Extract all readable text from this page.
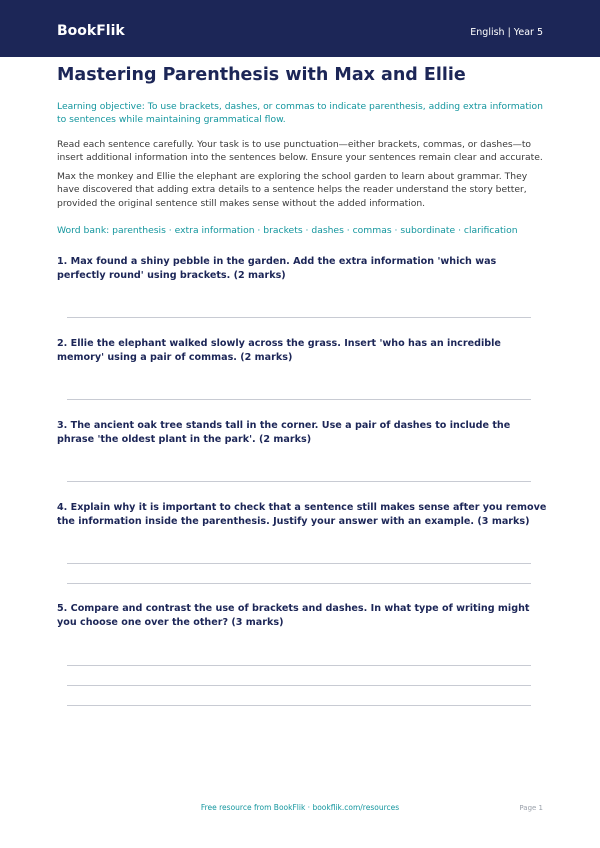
BookFlik	English | Year 5
Mastering Parenthesis with Max and Ellie

Learning objective: To use brackets, dashes, or commas to indicate parenthesis, adding extra information to sentences while maintaining grammatical flow.

Read each sentence carefully. Your task is to use punctuation—either brackets, commas, or dashes—to insert additional information into the sentences below. Ensure your sentences remain clear and accurate.

Max the monkey and Ellie the elephant are exploring the school garden to learn about grammar. They have discovered that adding extra details to a sentence helps the reader understand the story better, provided the original sentence still makes sense without the added information.

Word bank: parenthesis · extra information · brackets · dashes · commas · subordinate · clarification

1. Max found a shiny pebble in the garden. Add the extra information 'which was perfectly round' using brackets. (2 marks)

2. Ellie the elephant walked slowly across the grass. Insert 'who has an incredible memory' using a pair of commas. (2 marks)

3. The ancient oak tree stands tall in the corner. Use a pair of dashes to include the phrase 'the oldest plant in the park'. (2 marks)

4. Explain why it is important to check that a sentence still makes sense after you remove the information inside the parenthesis. Justify your answer with an example. (3 marks)

5. Compare and contrast the use of brackets and dashes. In what type of writing might you choose one over the other? (3 marks)

Free resource from BookFlik · bookflik.com/resources	Page 1
